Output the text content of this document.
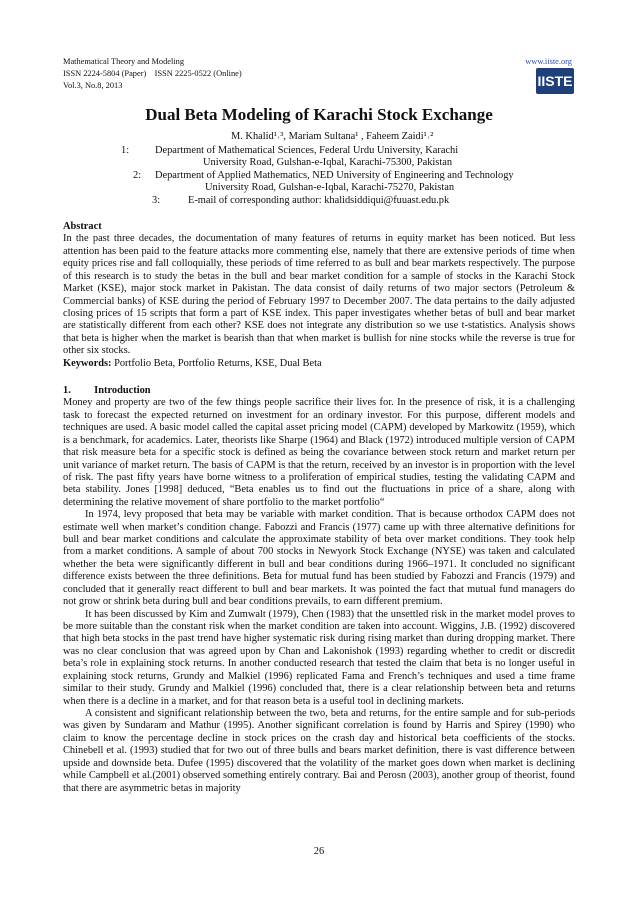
Mathematical Theory and Modeling
ISSN 2224-5804 (Paper)    ISSN 2225-0522 (Online)
Vol.3, No.8, 2013
www.iiste.org
IISTE
Dual Beta Modeling of Karachi Stock Exchange
M. Khalid¹˒³, Mariam Sultana¹ , Faheem Zaidi¹˒²
1: Department of Mathematical Sciences, Federal Urdu University, Karachi
University Road, Gulshan-e-Iqbal, Karachi-75300, Pakistan
2: Department of Applied Mathematics, NED University of Engineering and Technology
University Road, Gulshan-e-Iqbal, Karachi-75270, Pakistan
3:	E-mail of corresponding author: khalidsiddiqui@fuuast.edu.pk

Abstract

In the past three decades, the documentation of many features of returns in equity market has been noticed. But less attention has been paid to the feature attacks more commenting else, namely that there are extensive periods of time when equity prices rise and fall colloquially, these periods of time referred to as bull and bear markets respectively. The purpose of this research is to study the betas in the bull and bear market condition for a sample of stocks in the Karachi Stock Market (KSE), major stock market in Pakistan. The data consist of daily returns of two major sectors (Petroleum & Commercial banks) of KSE during the period of February 1997 to December 2007. The data pertains to the daily adjusted closing prices of 15 scripts that form a part of KSE index. This paper investigates whether betas of bull and bear market are statistically different from each other? KSE does not integrate any distribution so we use t-statistics. Analysis shows that beta is higher when the market is bearish than that when market is bullish for nine stocks while the reverse is true for other six stocks.

Keywords: Portfolio Beta, Portfolio Returns, KSE, Dual Beta

1.         Introduction

Money and property are two of the few things people sacrifice their lives for. In the presence of risk, it is a challenging task to forecast the expected returned on investment for an ordinary investor. For this purpose, different models and techniques are used. A basic model called the capital asset pricing model (CAPM) developed by Markowitz (1959), which is a benchmark, for academics. Later, theorists like Sharpe (1964) and Black (1972) introduced multiple version of CAPM that risk measure beta for a specific stock is defined as being the covariance between stock return and market return per unit variance of market return. The basis of CAPM is that the return, received by an investor is in proportion with the level of risk. The past fifty years have borne witness to a proliferation of empirical studies, testing the validating CAPM and beta stability. Jones [1998] deduced, “Beta enables us to find out the fluctuations in price of a share, along with determining the relative movement of share portfolio to the market portfolio“

In 1974, levy proposed that beta may be variable with market condition. That is because orthodox CAPM does not estimate well when market’s condition change. Fabozzi and Francis (1977) came up with three alternative definitions for bull and bear market conditions and calculate the approximate stability of beta over market conditions. They took help from a market conditions. A sample of about 700 stocks in Newyork Stock Exchange (NYSE) was taken and calculated whether the beta were significantly different in bull and bear conditions during 1966–1971. It concluded no significant difference exists between the three definitions. Beta for mutual fund has been studied by Fabozzi and Francis (1979) and concluded that it generally react different to bull and bear markets. It was pointed the fact that mutual fund managers do not grow or shrink beta during bull and bear conditions prevails, to earn different premium.

It has been discussed by Kim and Zumwalt (1979), Chen (1983) that the unsettled risk in the market model proves to be more suitable than the constant risk when the market condition are taken into account. Wiggins, J.B. (1992) discovered that high beta stocks in the past trend have higher systematic risk during rising market than during dropping market. There was no clear conclusion that was agreed upon by Chan and Lakonishok (1993) regarding whether to credit or discredit beta’s role in explaining stock returns. In another conducted research that tested the claim that beta is no longer useful in explaining stock returns, Grundy and Malkiel (1996) replicated Fama and French’s techniques and used a time frame similar to their study. Grundy and Malkiel (1996) concluded that, there is a clear relationship between beta and returns when there is a decline in a market, and for that reason beta is a useful tool in declining markets.

A consistent and significant relationship between the two, beta and returns, for the entire sample and for sub-periods was given by Sundaram and Mathur (1995). Another significant correlation is found by Harris and Spirey (1990) who claim to know the percentage decline in stock prices on the crash day and historical beta coefficients of the stocks. Chinebell et al. (1993) studied that for two out of three bulls and bears market definition, there is vast difference between upside and downside beta. Dufee (1995) discovered that the volatility of the market goes down when market is declining while Campbell et al.(2001) observed something entirely contrary. Bai and Perosn (2003), another group of theorist, found that there are asymmetric betas in majority

26
